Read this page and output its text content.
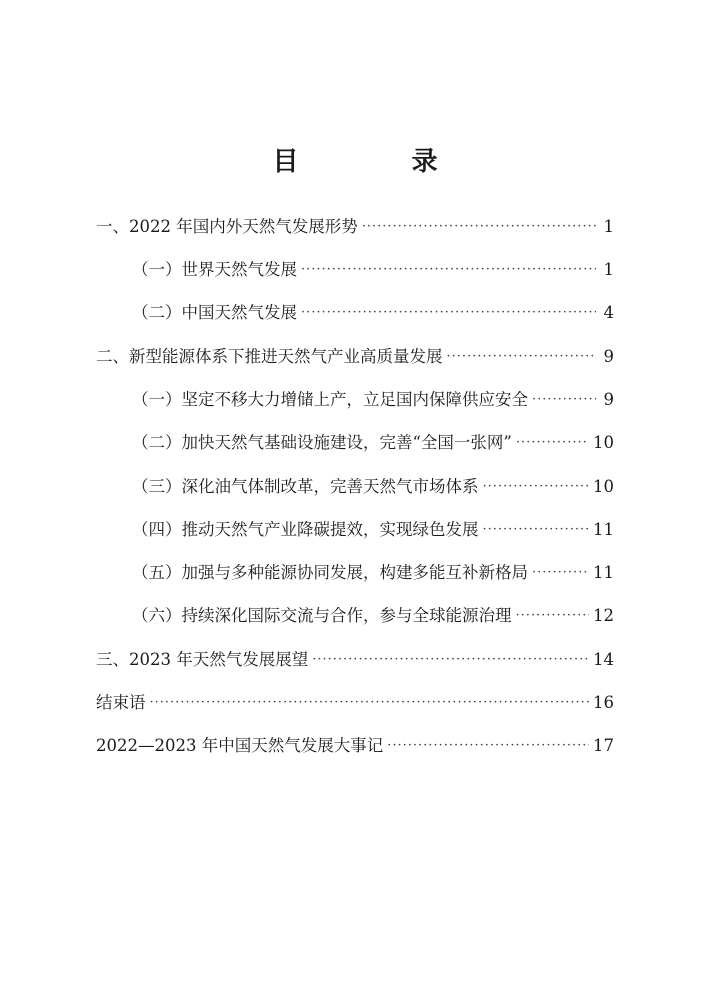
目 录
一、2022 年国内外天然气发展形势 ·····	1
（一）世界天然气发展 ·····	1
（二）中国天然气发展 ·····	4
二、新型能源体系下推进天然气产业高质量发展 ·····	9
（一）坚定不移大力增储上产，立足国内保障供应安全 ·····	9
（二）加快天然气基础设施建设，完善“全国一张网” ·····	10
（三）深化油气体制改革，完善天然气市场体系 ·····	10
（四）推动天然气产业降碳提效，实现绿色发展 ·····	11
（五）加强与多种能源协同发展，构建多能互补新格局 ·····	11
（六）持续深化国际交流与合作，参与全球能源治理 ·····	12
三、2023 年天然气发展展望 ·····	14
结束语 ·····	16
2022—2023 年中国天然气发展大事记 ·····	17
